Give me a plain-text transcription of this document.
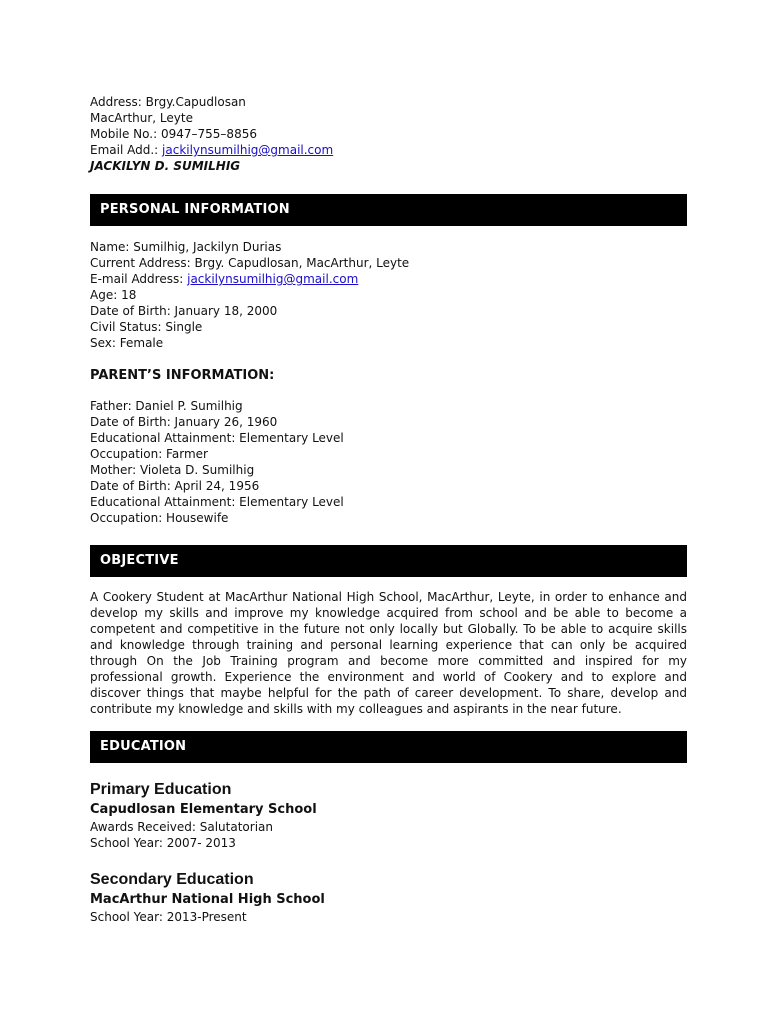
Address: Brgy.Capudlosan
MacArthur, Leyte
Mobile No.: 0947–755–8856
Email Add.: jackilynsumilhig@gmail.com
JACKILYN D. SUMILHIG
PERSONAL INFORMATION
Name: Sumilhig, Jackilyn Durias
Current Address: Brgy. Capudlosan, MacArthur, Leyte
E-mail Address: jackilynsumilhig@gmail.com
Age: 18
Date of Birth: January 18, 2000
Civil Status: Single
Sex: Female
PARENT’S INFORMATION:
Father: Daniel P. Sumilhig
Date of Birth: January 26, 1960
Educational Attainment: Elementary Level
Occupation: Farmer
Mother: Violeta D. Sumilhig
Date of Birth: April 24, 1956
Educational Attainment: Elementary Level
Occupation: Housewife
OBJECTIVE
A Cookery Student at MacArthur National High School, MacArthur, Leyte, in order to enhance and develop my skills and improve my knowledge acquired from school and be able to become a competent and competitive in the future not only locally but Globally. To be able to acquire skills and knowledge through training and personal learning experience that can only be acquired through On the Job Training program and become more committed and inspired for my professional growth. Experience the environment and world of Cookery and to explore and discover things that maybe helpful for the path of career development. To share, develop and contribute my knowledge and skills with my colleagues and aspirants in the near future.
EDUCATION
Primary Education
Capudlosan Elementary School
Awards Received: Salutatorian
School Year: 2007- 2013
Secondary Education
MacArthur National High School
School Year: 2013-Present
